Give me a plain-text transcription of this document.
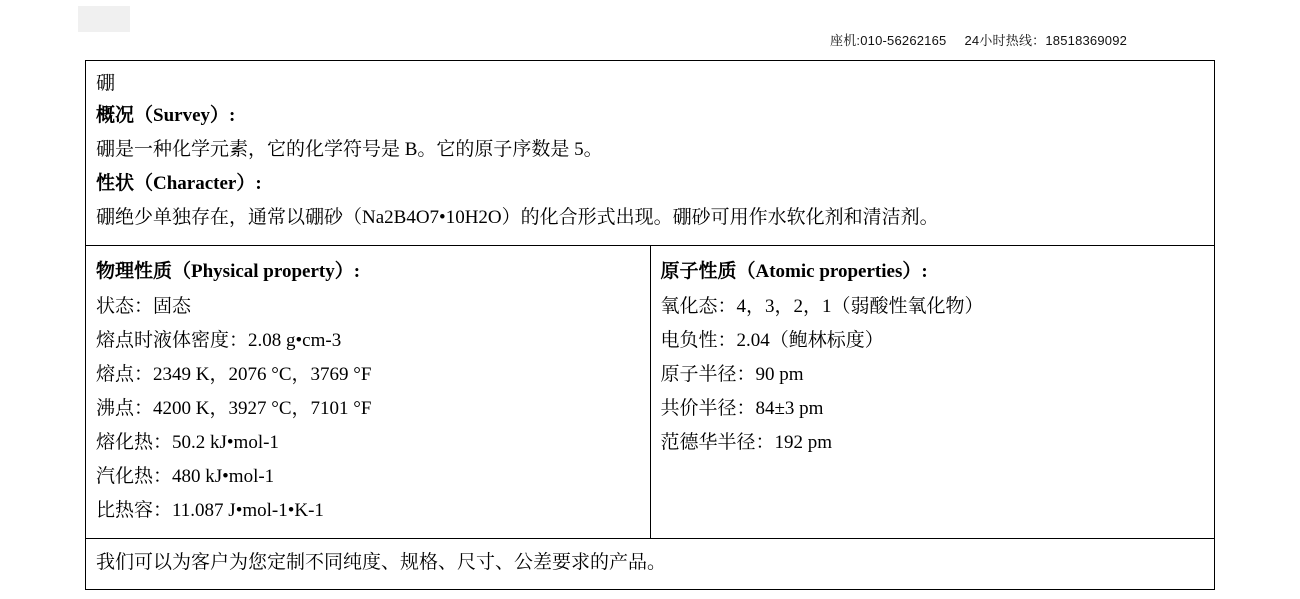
座机:010-56262165 24小时热线：18518369092
硼
概况（Survey）:
硼是一种化学元素，它的化学符号是 B。它的原子序数是 5。
性状（Character）:
硼绝少单独存在，通常以硼砂（Na2B4O7•10H2O）的化合形式出现。硼砂可用作水软化剂和清洁剂。

物理性质（Physical property）:
状态：固态
熔点时液体密度：2.08 g•cm-3
熔点：2349 K，2076 °C，3769 °F
沸点：4200 K，3927 °C，7101 °F
熔化热：50.2 kJ•mol-1
汽化热：480 kJ•mol-1
比热容：11.087 J•mol-1•K-1

原子性质（Atomic properties）:
氧化态：4，3，2，1（弱酸性氧化物）
电负性：2.04（鲍林标度）
原子半径：90 pm
共价半径：84±3 pm
范德华半径：192 pm

我们可以为客户为您定制不同纯度、规格、尺寸、公差要求的产品。
